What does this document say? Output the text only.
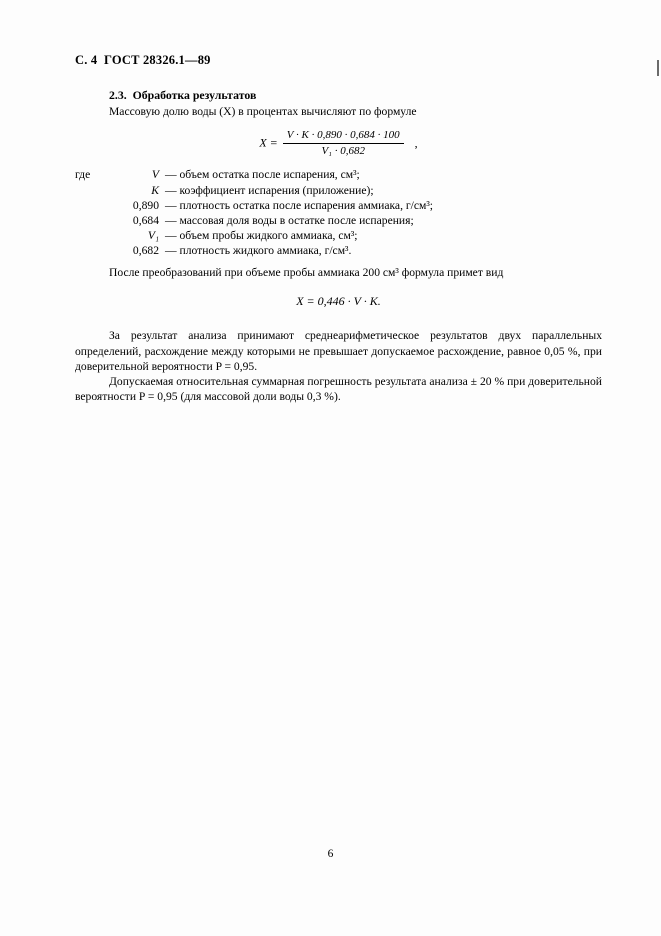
С. 4  ГОСТ 28326.1—89
2.3.  Обработка результатов

Массовую долю воды (X) в процентах вычисляют по формуле

$X = \frac{V \cdot K \cdot 0,890 \cdot 0,684 \cdot 100}{\text{V₁ · 0,682}}$ ,
где	V — объем остатка после испарения, см³;
K — коэффициент испарения (приложение);
0,890 — плотность остатка после испарения аммиака, г/см³;
0,684 — массовая доля воды в остатке после испарения;
V₁ — объем пробы жидкого аммиака, см³;
0,682 — плотность жидкого аммиака, г/см³.

После преобразований при объеме пробы аммиака 200 см³ формула примет вид

X = 0,446 · V · K.

За результат анализа принимают среднеарифметическое результатов двух параллельных определений, расхождение между которыми не превышает допускаемое расхождение, равное 0,05 %, при доверительной вероятности P = 0,95.

Допускаемая относительная суммарная погрешность результата анализа ± 20 % при доверительной вероятности P = 0,95 (для массовой доли воды 0,3 %).

6
